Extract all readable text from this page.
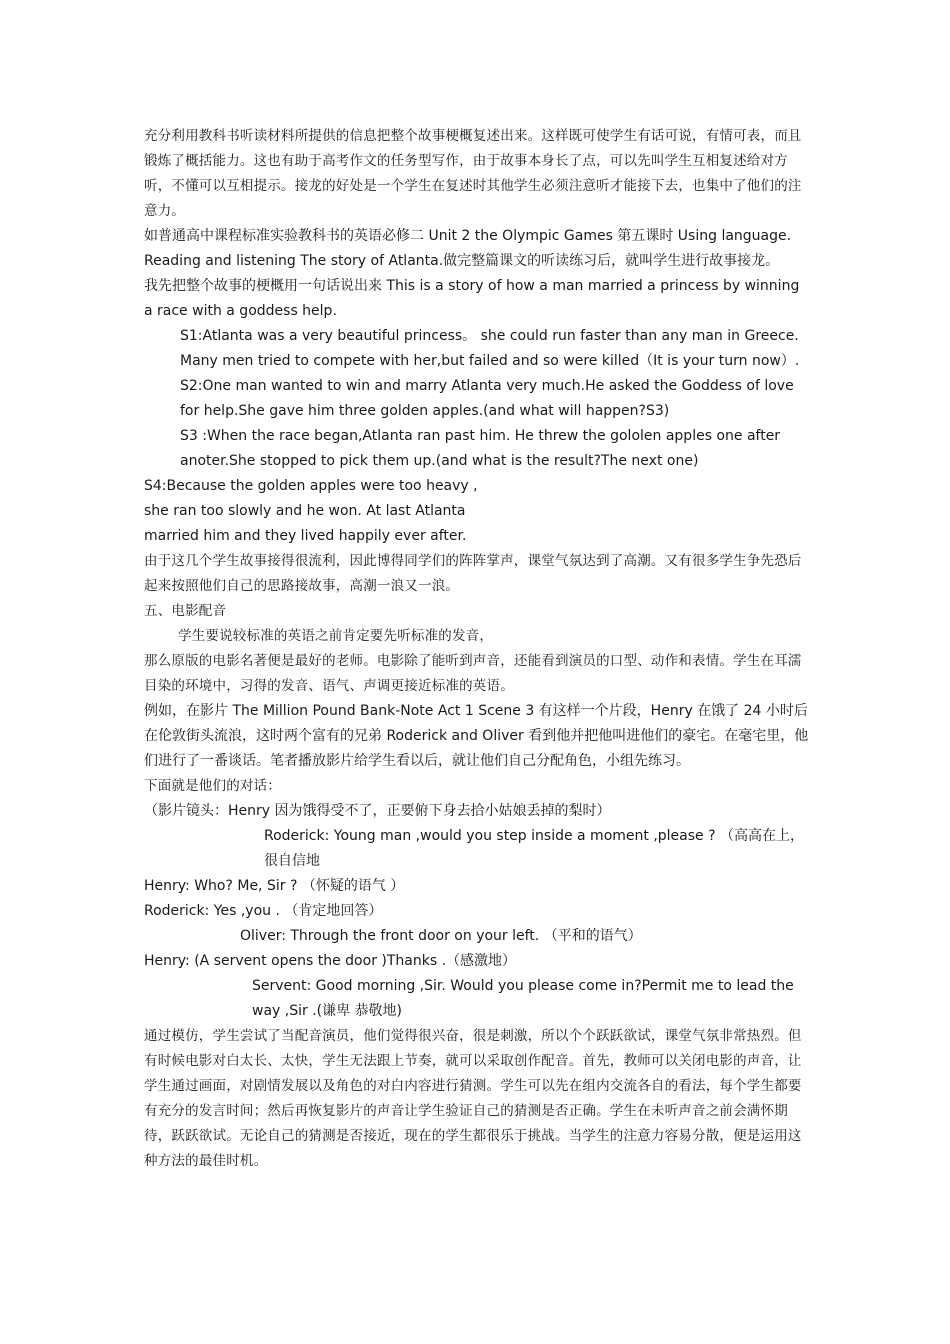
充分利用教科书听读材料所提供的信息把整个故事梗概复述出来。这样既可使学生有话可说，有情可表，而且锻炼了概括能力。这也有助于高考作文的任务型写作，由于故事本身长了点，可以先叫学生互相复述给对方听，不懂可以互相提示。接龙的好处是一个学生在复述时其他学生必须注意听才能接下去，也集中了他们的注意力。

如普通高中课程标准实验教科书的英语必修二 Unit 2 the Olympic Games 第五课时 Using language. Reading and listening The story of Atlanta.做完整篇课文的听读练习后，就叫学生进行故事接龙。

我先把整个故事的梗概用一句话说出来 This is a story of how a man married a princess by winning a race with a goddess help.

S1:Atlanta was a very beautiful princess。 she could run faster than any man in Greece. Many men tried to compete with her,but failed and so were killed（It is your turn now）.

S2:One man wanted to win and marry Atlanta very much.He asked the Goddess of love for help.She gave him three golden apples.(and what will happen?S3)

S3 :When the race began,Atlanta ran past him. He threw the gololen apples one after anoter.She stopped to pick them up.(and what is the result?The next one)

S4:Because the golden apples were too heavy , she ran too slowly and he won. At last Atlanta married him and they lived happily ever after.

由于这几个学生故事接得很流利，因此博得同学们的阵阵掌声，课堂气氛达到了高潮。又有很多学生争先恐后起来按照他们自己的思路接故事，高潮一浪又一浪。

五、电影配音

学生要说较标准的英语之前肯定要先听标准的发音，

那么原版的电影名著便是最好的老师。电影除了能听到声音，还能看到演员的口型、动作和表情。学生在耳濡目染的环境中，习得的发音、语气、声调更接近标准的英语。

例如，在影片 The Million Pound Bank-Note Act 1 Scene 3 有这样一个片段，Henry 在饿了 24 小时后在伦敦街头流浪，这时两个富有的兄弟 Roderick and Oliver 看到他并把他叫进他们的豪宅。在毫宅里，他们进行了一番谈话。笔者播放影片给学生看以后，就让他们自己分配角色，小组先练习。

下面就是他们的对话：

（影片镜头：Henry 因为饿得受不了，正要俯下身去拾小姑娘丢掉的梨时）

Roderick: Young man ,would you step inside a moment ,please ? （高高在上，很自信地

Henry: Who? Me, Sir ? （怀疑的语气 ）

Roderick: Yes ,you . （肯定地回答）

Oliver: Through the front door on your left. （平和的语气）

Henry: (A servent opens the door )Thanks .（感激地）

Servent: Good morning ,Sir. Would you please come in?Permit me to lead the way ,Sir .(谦卑 恭敬地)

通过模仿，学生尝试了当配音演员，他们觉得很兴奋，很是刺激，所以个个跃跃欲试，课堂气氛非常热烈。但有时候电影对白太长、太快，学生无法跟上节奏，就可以采取创作配音。首先，教师可以关闭电影的声音，让学生通过画面，对剧情发展以及角色的对白内容进行猜测。学生可以先在组内交流各自的看法，每个学生都要有充分的发言时间；然后再恢复影片的声音让学生验证自己的猜测是否正确。学生在未听声音之前会满怀期待，跃跃欲试。无论自己的猜测是否接近，现在的学生都很乐于挑战。当学生的注意力容易分散，便是运用这种方法的最佳时机。
